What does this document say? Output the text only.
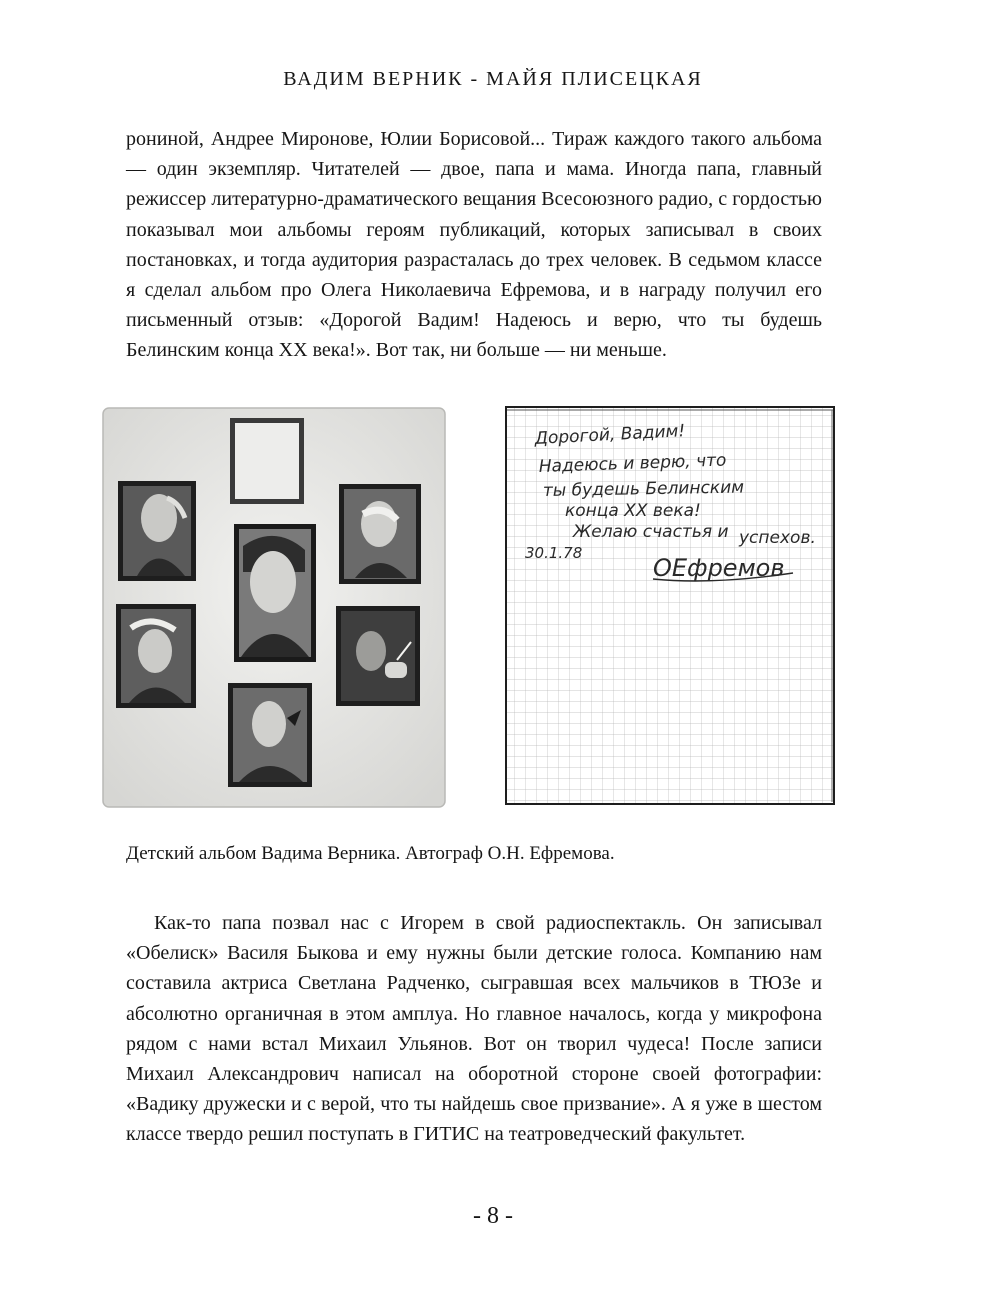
ВАДИМ ВЕРНИК - МАЙЯ ПЛИСЕЦКАЯ

рониной, Андрее Миронове, Юлии Борисовой... Тираж каждого такого альбома — один экземпляр. Читателей — двое, папа и мама. Иногда папа, главный режиссер литературно-драматического вещания Всесоюзного радио, с гордостью показывал мои альбомы героям публикаций, которых записывал в своих постановках, и тогда аудитория разрасталась до трех человек. В седьмом классе я сделал альбом про Олега Николаевича Ефремова, и в награду получил его письменный отзыв: «Дорогой Вадим! Надеюсь и верю, что ты будешь Белинским конца XX века!». Вот так, ни больше — ни меньше.

Дорогой, Вадим!
Надеюсь и верю, что
ты будешь Белинским
конца XX века!
Желаю счастья и успехов.
30.1.78
ОЕфремов
Детский альбом Вадима Верника. Автограф О.Н. Ефремова.

Как-то папа позвал нас с Игорем в свой радиоспектакль. Он записывал «Обелиск» Василя Быкова и ему нужны были детские голоса. Компанию нам составила актриса Светлана Радченко, сыгравшая всех мальчиков в ТЮЗе и абсолютно органичная в этом амплуа. Но главное началось, когда у микрофона рядом с нами встал Михаил Ульянов. Вот он творил чудеса! После записи Михаил Александрович написал на оборотной стороне своей фотографии: «Вадику дружески и с верой, что ты найдешь свое призвание». А я уже в шестом классе твердо решил поступать в ГИТИС на театроведческий факультет.

- 8 -
